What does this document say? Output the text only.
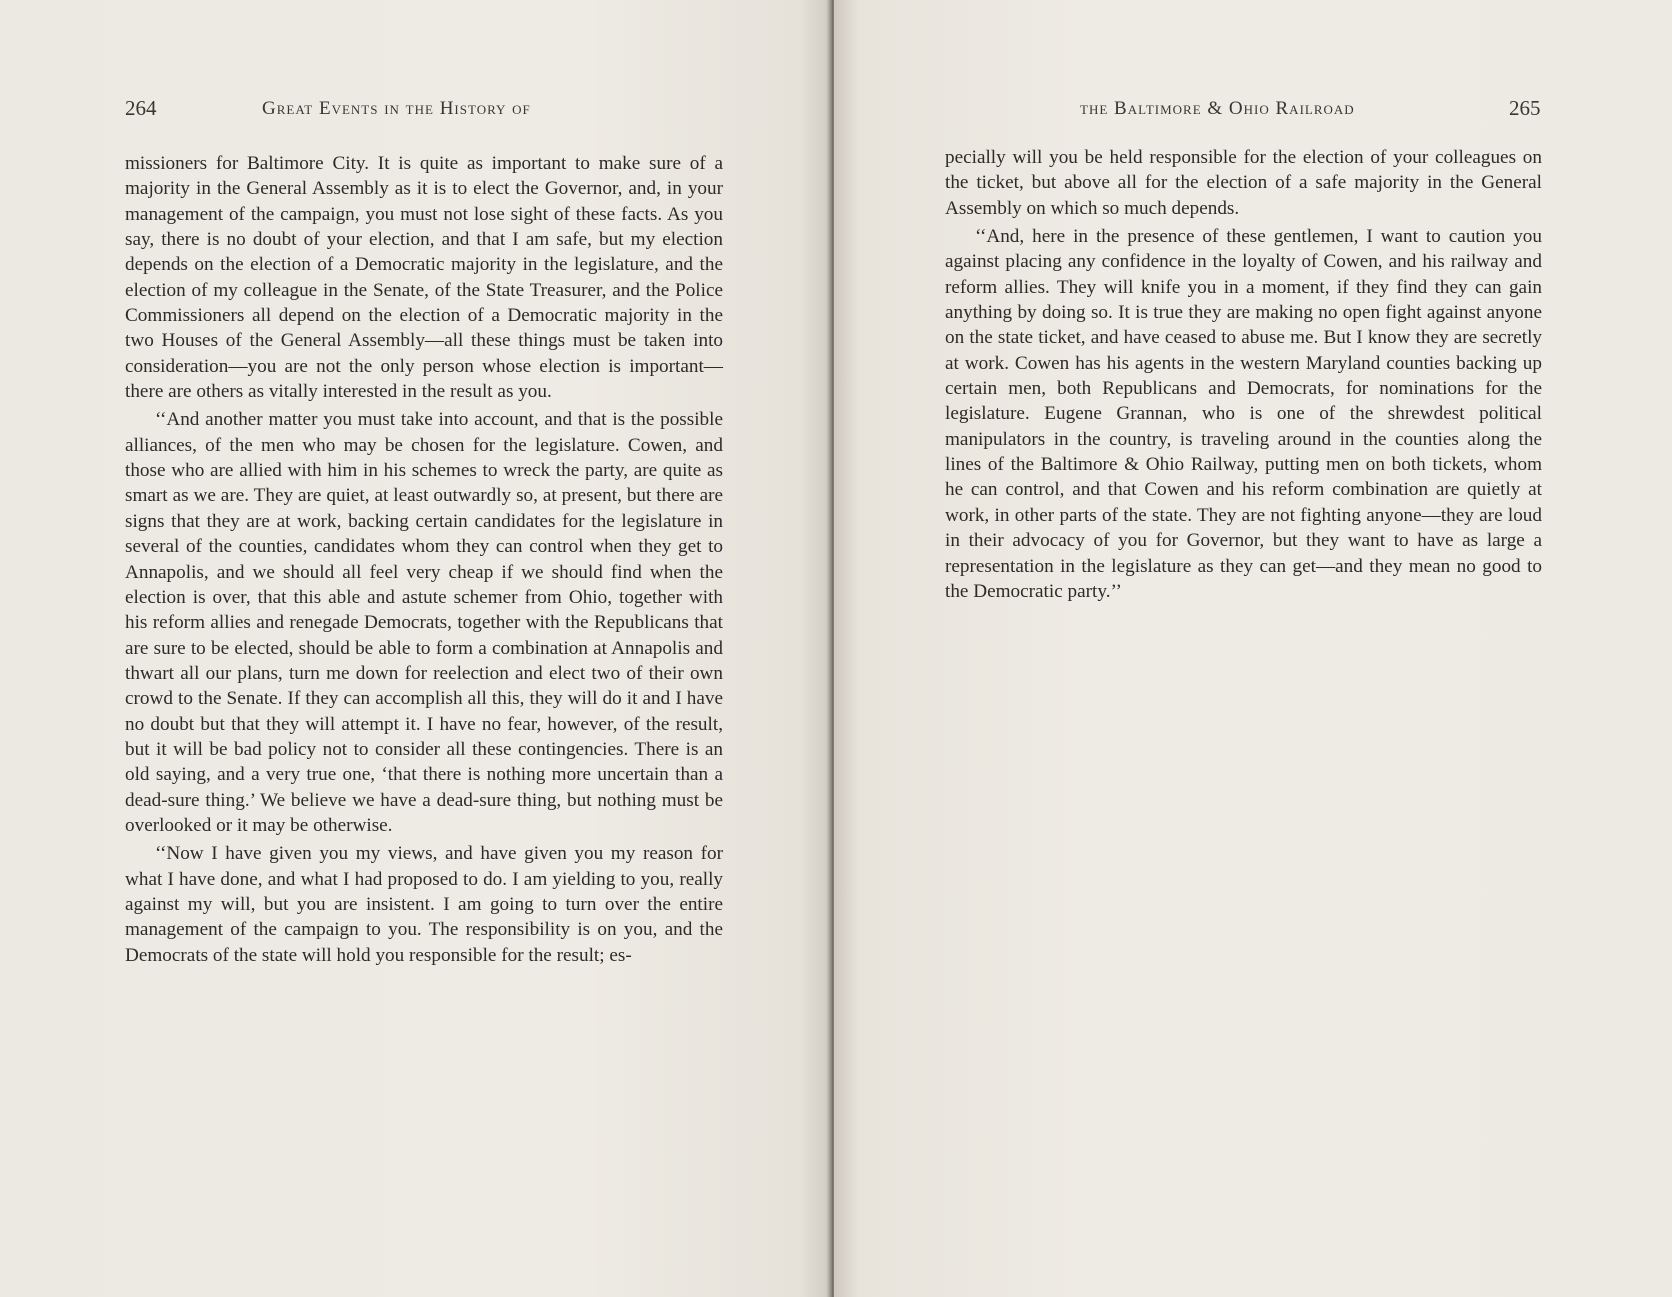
264	Great Events in the History of

missioners for Baltimore City. It is quite as important to make sure of a majority in the General Assembly as it is to elect the Governor, and, in your management of the campaign, you must not lose sight of these facts. As you say, there is no doubt of your election, and that I am safe, but my election depends on the election of a Democratic majority in the legislature, and the election of my colleague in the Senate, of the State Treasurer, and the Police Commissioners all depend on the election of a Democratic majority in the two Houses of the General Assembly—all these things must be taken into consideration—you are not the only person whose election is important—there are others as vitally interested in the result as you.

‘‘And another matter you must take into account, and that is the possible alliances, of the men who may be chosen for the legislature. Cowen, and those who are allied with him in his schemes to wreck the party, are quite as smart as we are. They are quiet, at least outwardly so, at present, but there are signs that they are at work, backing certain candidates for the legislature in several of the counties, candidates whom they can control when they get to Annapolis, and we should all feel very cheap if we should find when the election is over, that this able and astute schemer from Ohio, together with his reform allies and renegade Democrats, together with the Republicans that are sure to be elected, should be able to form a combination at Annapolis and thwart all our plans, turn me down for reelection and elect two of their own crowd to the Senate. If they can accomplish all this, they will do it and I have no doubt but that they will attempt it. I have no fear, however, of the result, but it will be bad policy not to consider all these contingencies. There is an old saying, and a very true one, ‘that there is nothing more uncertain than a dead-sure thing.’ We believe we have a dead-sure thing, but nothing must be overlooked or it may be otherwise.

‘‘Now I have given you my views, and have given you my reason for what I have done, and what I had proposed to do. I am yielding to you, really against my will, but you are insistent. I am going to turn over the entire management of the campaign to you. The responsibility is on you, and the Democrats of the state will hold you responsible for the result; es-

the Baltimore & Ohio Railroad	265

pecially will you be held responsible for the election of your colleagues on the ticket, but above all for the election of a safe majority in the General Assembly on which so much depends.

‘‘And, here in the presence of these gentlemen, I want to caution you against placing any confidence in the loyalty of Cowen, and his railway and reform allies. They will knife you in a moment, if they find they can gain anything by doing so. It is true they are making no open fight against anyone on the state ticket, and have ceased to abuse me. But I know they are secretly at work. Cowen has his agents in the western Maryland counties backing up certain men, both Republicans and Democrats, for nominations for the legislature. Eugene Grannan, who is one of the shrewdest political manipulators in the country, is traveling around in the counties along the lines of the Baltimore & Ohio Railway, putting men on both tickets, whom he can control, and that Cowen and his reform combination are quietly at work, in other parts of the state. They are not fighting anyone—they are loud in their advocacy of you for Governor, but they want to have as large a representation in the legislature as they can get—and they mean no good to the Democratic party.’’
